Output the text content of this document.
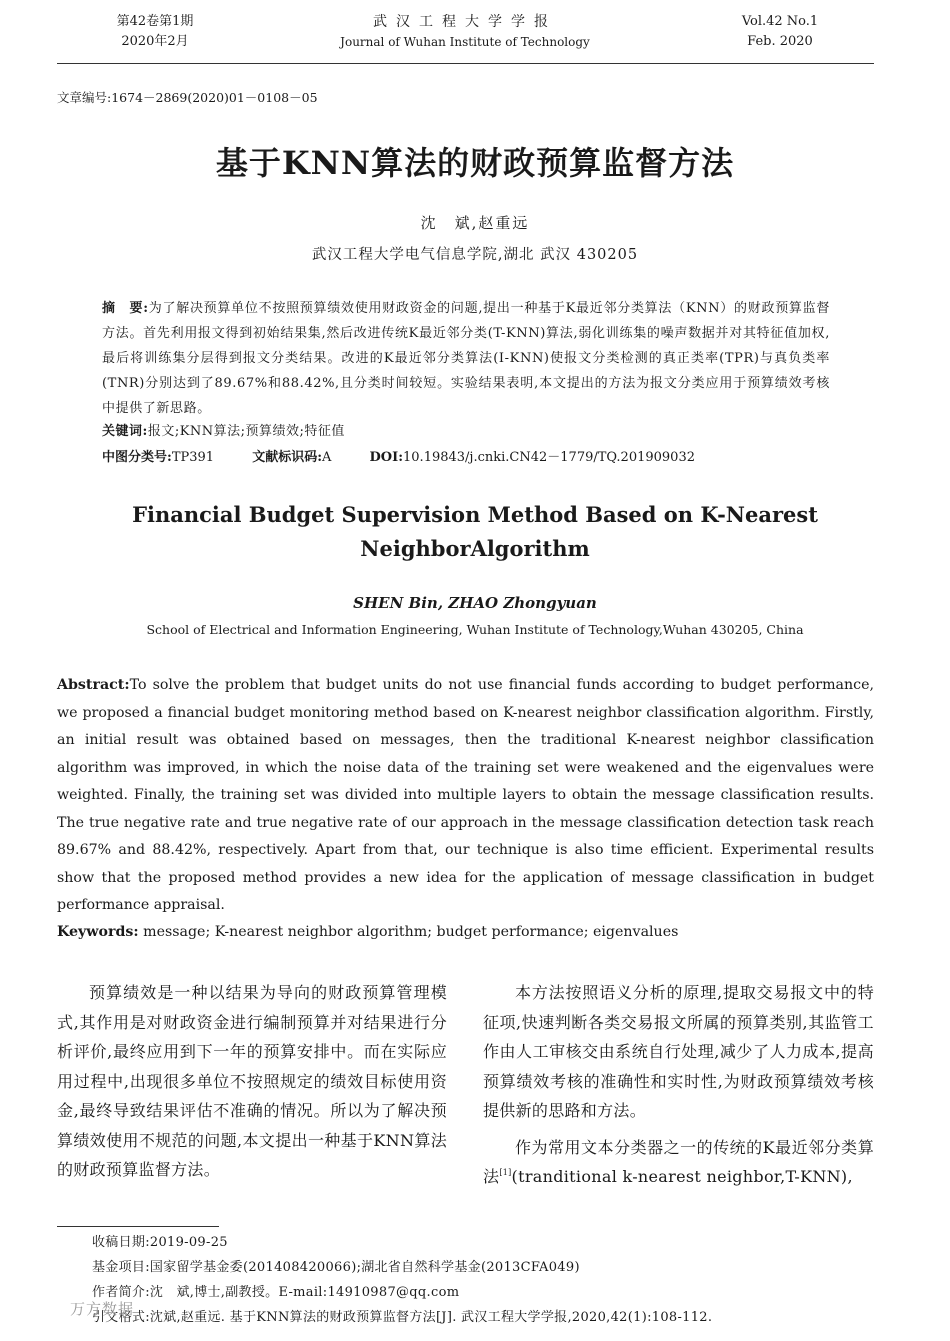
第42卷第1期
2020年2月
武汉工程大学学报
Journal of Wuhan Institute of Technology
Vol.42 No.1
Feb. 2020
文章编号:1674－2869(2020)01－0108－05
基于KNN算法的财政预算监督方法
沈　斌,赵重远
武汉工程大学电气信息学院,湖北 武汉 430205
摘　要:为了解决预算单位不按照预算绩效使用财政资金的问题,提出一种基于K最近邻分类算法（KNN）的财政预算监督方法。首先利用报文得到初始结果集,然后改进传统K最近邻分类(T-KNN)算法,弱化训练集的噪声数据并对其特征值加权,最后将训练集分层得到报文分类结果。改进的K最近邻分类算法(I-KNN)使报文分类检测的真正类率(TPR)与真负类率(TNR)分别达到了89.67%和88.42%,且分类时间较短。实验结果表明,本文提出的方法为报文分类应用于预算绩效考核中提供了新思路。
关键词:报文;KNN算法;预算绩效;特征值
中图分类号:TP391	文献标识码:A	DOI:10.19843/j.cnki.CN42－1779/TQ.201909032
Financial Budget Supervision Method Based on K-Nearest NeighborAlgorithm
SHEN Bin, ZHAO Zhongyuan
School of Electrical and Information Engineering, Wuhan Institute of Technology,Wuhan 430205, China
Abstract:To solve the problem that budget units do not use financial funds according to budget performance, we proposed a financial budget monitoring method based on K-nearest neighbor classification algorithm. Firstly, an initial result was obtained based on messages, then the traditional K-nearest neighbor classification algorithm was improved, in which the noise data of the training set were weakened and the eigenvalues were weighted. Finally, the training set was divided into multiple layers to obtain the message classification results. The true negative rate and true negative rate of our approach in the message classification detection task reach 89.67% and 88.42%, respectively. Apart from that, our technique is also time efficient. Experimental results show that the proposed method provides a new idea for the application of message classification in budget performance appraisal.
Keywords: message; K-nearest neighbor algorithm; budget performance; eigenvalues

预算绩效是一种以结果为导向的财政预算管理模式,其作用是对财政资金进行编制预算并对结果进行分析评价,最终应用到下一年的预算安排中。而在实际应用过程中,出现很多单位不按照规定的绩效目标使用资金,最终导致结果评估不准确的情况。所以为了解决预算绩效使用不规范的问题,本文提出一种基于KNN算法的财政预算监督方法。

本方法按照语义分析的原理,提取交易报文中的特征项,快速判断各类交易报文所属的预算类别,其监管工作由人工审核交由系统自行处理,减少了人力成本,提高预算绩效考核的准确性和实时性,为财政预算绩效考核提供新的思路和方法。

作为常用文本分类器之一的传统的K最近邻分类算法[1](tranditional k-nearest neighbor,T-KNN),

收稿日期:2019-09-25
基金项目:国家留学基金委(201408420066);湖北省自然科学基金(2013CFA049)
作者简介:沈　斌,博士,副教授。E-mail:14910987@qq.com
引文格式:沈斌,赵重远. 基于KNN算法的财政预算监督方法[J]. 武汉工程大学学报,2020,42(1):108-112.
万方数据
